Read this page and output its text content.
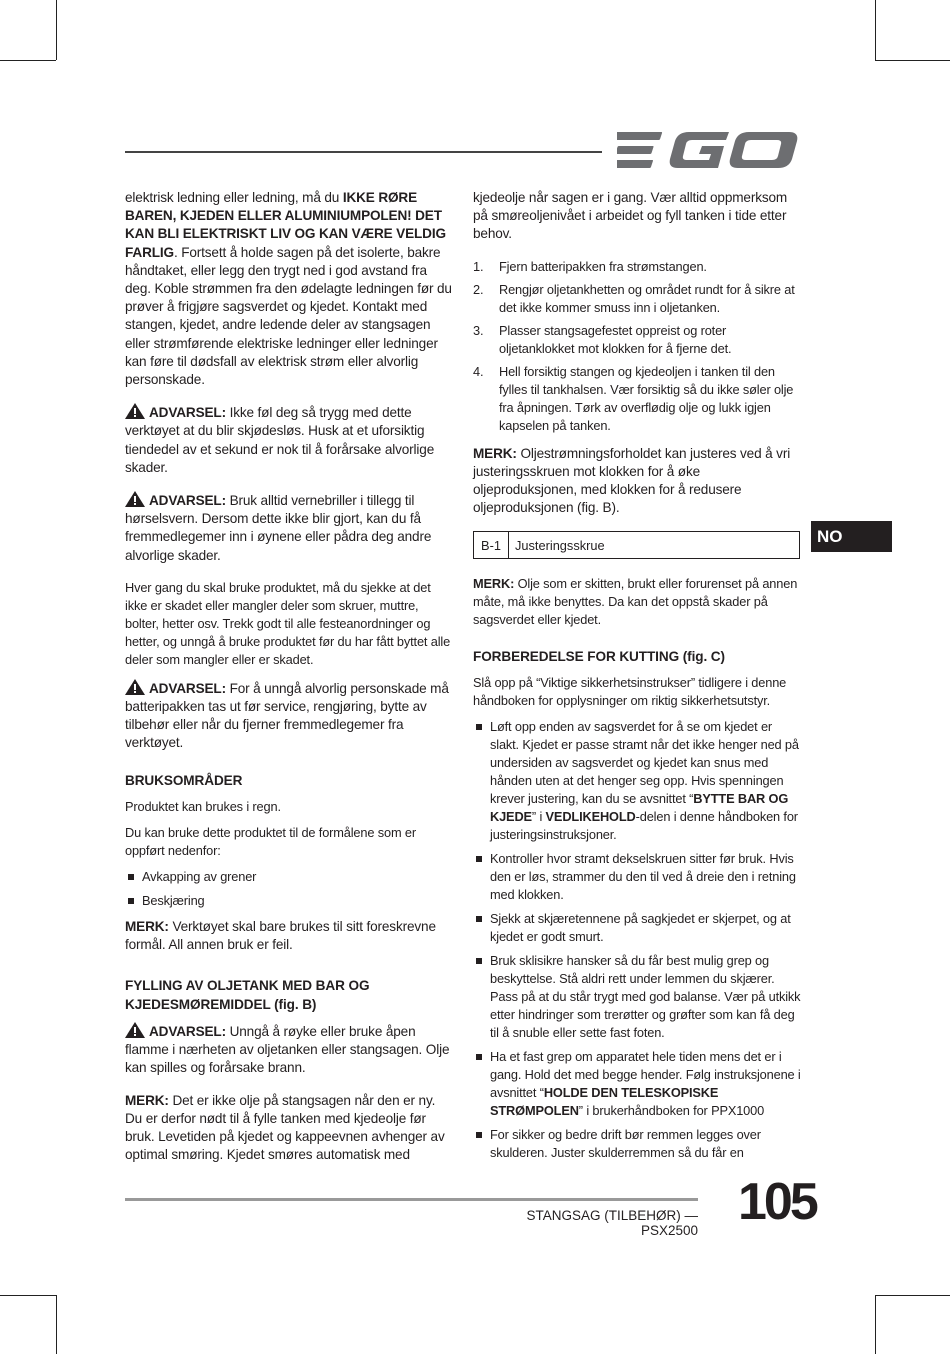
elektrisk ledning eller ledning, må du IKKE RØRE BAREN, KJEDEN ELLER ALUMINIUMPOLEN! DET KAN BLI ELEKTRISKT LIV OG KAN VÆRE VELDIG FARLIG. Fortsett å holde sagen på det isolerte, bakre håndtaket, eller legg den trygt ned i god avstand fra deg. Koble strømmen fra den ødelagte ledningen før du prøver å frigjøre sagsverdet og kjedet. Kontakt med stangen, kjedet, andre ledende deler av stangsagen eller strømførende elektriske ledninger eller ledninger kan føre til dødsfall av elektrisk strøm eller alvorlig personskade.

ADVARSEL: Ikke føl deg så trygg med dette verktøyet at du blir skjødesløs. Husk at et uforsiktig tiendedel av et sekund er nok til å forårsake alvorlige skader.

ADVARSEL: Bruk alltid vernebriller i tillegg til hørselsvern. Dersom dette ikke blir gjort, kan du få fremmedlegemer inn i øynene eller pådra deg andre alvorlige skader.

Hver gang du skal bruke produktet, må du sjekke at det ikke er skadet eller mangler deler som skruer, muttre, bolter, hetter osv. Trekk godt til alle festeanordninger og hetter, og unngå å bruke produktet før du har fått byttet alle deler som mangler eller er skadet.

ADVARSEL: For å unngå alvorlig personskade må batteripakken tas ut før service, rengjøring, bytte av tilbehør eller når du fjerner fremmedlegemer fra verktøyet.

BRUKSOMRÅDER

Produktet kan brukes i regn.

Du kan bruke dette produktet til de formålene som er oppført nedenfor:

Avkapping av grener
Beskjæring

MERK: Verktøyet skal bare brukes til sitt foreskrevne formål. All annen bruk er feil.

FYLLING AV OLJETANK MED BAR OG KJEDESMØREMIDDEL (fig. B)

ADVARSEL: Unngå å røyke eller bruke åpen flamme i nærheten av oljetanken eller stangsagen. Olje kan spilles og forårsake brann.

MERK: Det er ikke olje på stangsagen når den er ny. Du er derfor nødt til å fylle tanken med kjedeolje før bruk. Levetiden på kjedet og kappeevnen avhenger av optimal smøring. Kjedet smøres automatisk med

kjedeolje når sagen er i gang. Vær alltid oppmerksom på smøreoljenivået i arbeidet og fyll tanken i tide etter behov.

1. Fjern batteripakken fra strømstangen.
2. Rengjør oljetankhetten og området rundt for å sikre at det ikke kommer smuss inn i oljetanken.
3. Plasser stangsagefestet oppreist og roter oljetanklokket mot klokken for å fjerne det.
4. Hell forsiktig stangen og kjedeoljen i tanken til den fylles til tankhalsen. Vær forsiktig så du ikke søler olje fra åpningen. Tørk av overflødig olje og lukk igjen kapselen på tanken.

MERK: Oljestrømningsforholdet kan justeres ved å vri justeringsskruen mot klokken for å øke oljeproduksjonen, med klokken for å redusere oljeproduksjonen (fig. B).

B-1	Justeringsskrue

MERK: Olje som er skitten, brukt eller forurenset på annen måte, må ikke benyttes. Da kan det oppstå skader på sagsverdet eller kjedet.

FORBEREDELSE FOR KUTTING (fig. C)

Slå opp på “Viktige sikkerhetsinstrukser” tidligere i denne håndboken for opplysninger om riktig sikkerhetsutstyr.

Løft opp enden av sagsverdet for å se om kjedet er slakt. Kjedet er passe stramt når det ikke henger ned på undersiden av sagsverdet og kjedet kan snus med hånden uten at det henger seg opp. Hvis spenningen krever justering, kan du se avsnittet “BYTTE BAR OG KJEDE” i VEDLIKEHOLD-delen i denne håndboken for justeringsinstruksjoner.
Kontroller hvor stramt dekselskruen sitter før bruk. Hvis den er løs, strammer du den til ved å dreie den i retning med klokken.
Sjekk at skjæretennene på sagkjedet er skjerpet, og at kjedet er godt smurt.
Bruk sklisikre hansker så du får best mulig grep og beskyttelse. Stå aldri rett under lemmen du skjærer. Pass på at du står trygt med god balanse. Vær på utkikk etter hindringer som trerøtter og grøfter som kan få deg til å snuble eller sette fast foten.
Ha et fast grep om apparatet hele tiden mens det er i gang. Hold det med begge hender. Følg instruksjonene i avsnittet “HOLDE DEN TELESKOPISKE STRØMPOLEN” i brukerhåndboken for PPX1000
For sikker og bedre drift bør remmen legges over skulderen. Juster skulderremmen så du får en
NO
STANGSAG (TILBEHØR) — PSX2500 105
